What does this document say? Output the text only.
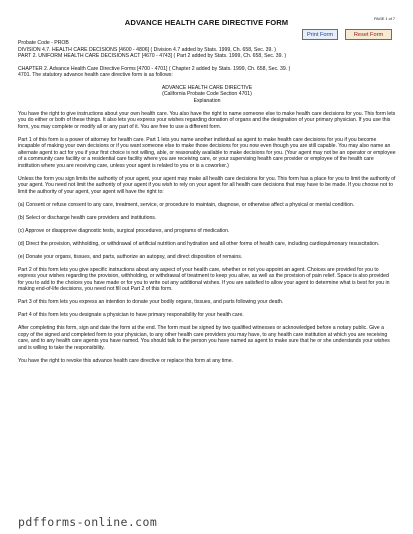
ADVANCE HEALTH CARE DIRECTIVE FORM	PAGE 1 of 7
Print Form	Reset Form

Probate Code - PROB

DIVISION 4.7. HEALTH CARE DECISIONS [4600 - 4806] ( Division 4.7 added by Stats. 1999, Ch. 658, Sec. 39. )

PART 2. UNIFORM HEALTH CARE DECISIONS ACT [4670 - 4743] ( Part 2 added by Stats. 1999, Ch. 658, Sec. 39. )

CHAPTER 2. Advance Health Care Directive Forms [4700 - 4701] ( Chapter 2 added by Stats. 1999, Ch. 658, Sec. 39. )

4701. The statutory advance health care directive form is as follows:

ADVANCE HEALTH CARE DIRECTIVE

(California Probate Code Section 4701)

Explanation

You have the right to give instructions about your own health care. You also have the right to name someone else to make health care decisions for you. This form lets you do either or both of these things. It also lets you express your wishes regarding donation of organs and the designation of your primary physician. If you use this form, you may complete or modify all or any part of it. You are free to use a different form.

Part 1 of this form is a power of attorney for health care. Part 1 lets you name another individual as agent to make health care decisions for you if you become incapable of making your own decisions or if you want someone else to make those decisions for you now even though you are still capable. You may also name an alternate agent to act for you if your first choice is not willing, able, or reasonably available to make decisions for you. (Your agent may not be an operator or employee of a community care facility or a residential care facility where you are receiving care, or your supervising health care provider or employee of the health care institution where you are receiving care, unless your agent is related to you or is a coworker.)

Unless the form you sign limits the authority of your agent, your agent may make all health care decisions for you. This form has a place for you to limit the authority of your agent. You need not limit the authority of your agent if you wish to rely on your agent for all health care decisions that may have to be made. If you choose not to limit the authority of your agent, your agent will have the right to:

(a) Consent or refuse consent to any care, treatment, service, or procedure to maintain, diagnose, or otherwise affect a physical or mental condition.

(b) Select or discharge health care providers and institutions.

(c) Approve or disapprove diagnostic tests, surgical procedures, and programs of medication.

(d) Direct the provision, withholding, or withdrawal of artificial nutrition and hydration and all other forms of health care, including cardiopulmonary resuscitation.

(e) Donate your organs, tissues, and parts, authorize an autopsy, and direct disposition of remains.

Part 2 of this form lets you give specific instructions about any aspect of your health care, whether or not you appoint an agent. Choices are provided for you to express your wishes regarding the provision, withholding, or withdrawal of treatment to keep you alive, as well as the provision of pain relief. Space is also provided for you to add to the choices you have made or for you to write out any additional wishes. If you are satisfied to allow your agent to determine what is best for you in making end-of-life decisions, you need not fill out Part 2 of this form.

Part 3 of this form lets you express an intention to donate your bodily organs, tissues, and parts following your death.

Part 4 of this form lets you designate a physician to have primary responsibility for your health care.

After completing this form, sign and date the form at the end. The form must be signed by two qualified witnesses or acknowledged before a notary public. Give a copy of the signed and completed form to your physician, to any other health care providers you may have, to any health care institution at which you are receiving care, and to any health care agents you have named. You should talk to the person you have named as agent to make sure that he or she understands your wishes and is willing to take the responsibility.

You have the right to revoke this advance health care directive or replace this form at any time.

pdfforms-online.com
